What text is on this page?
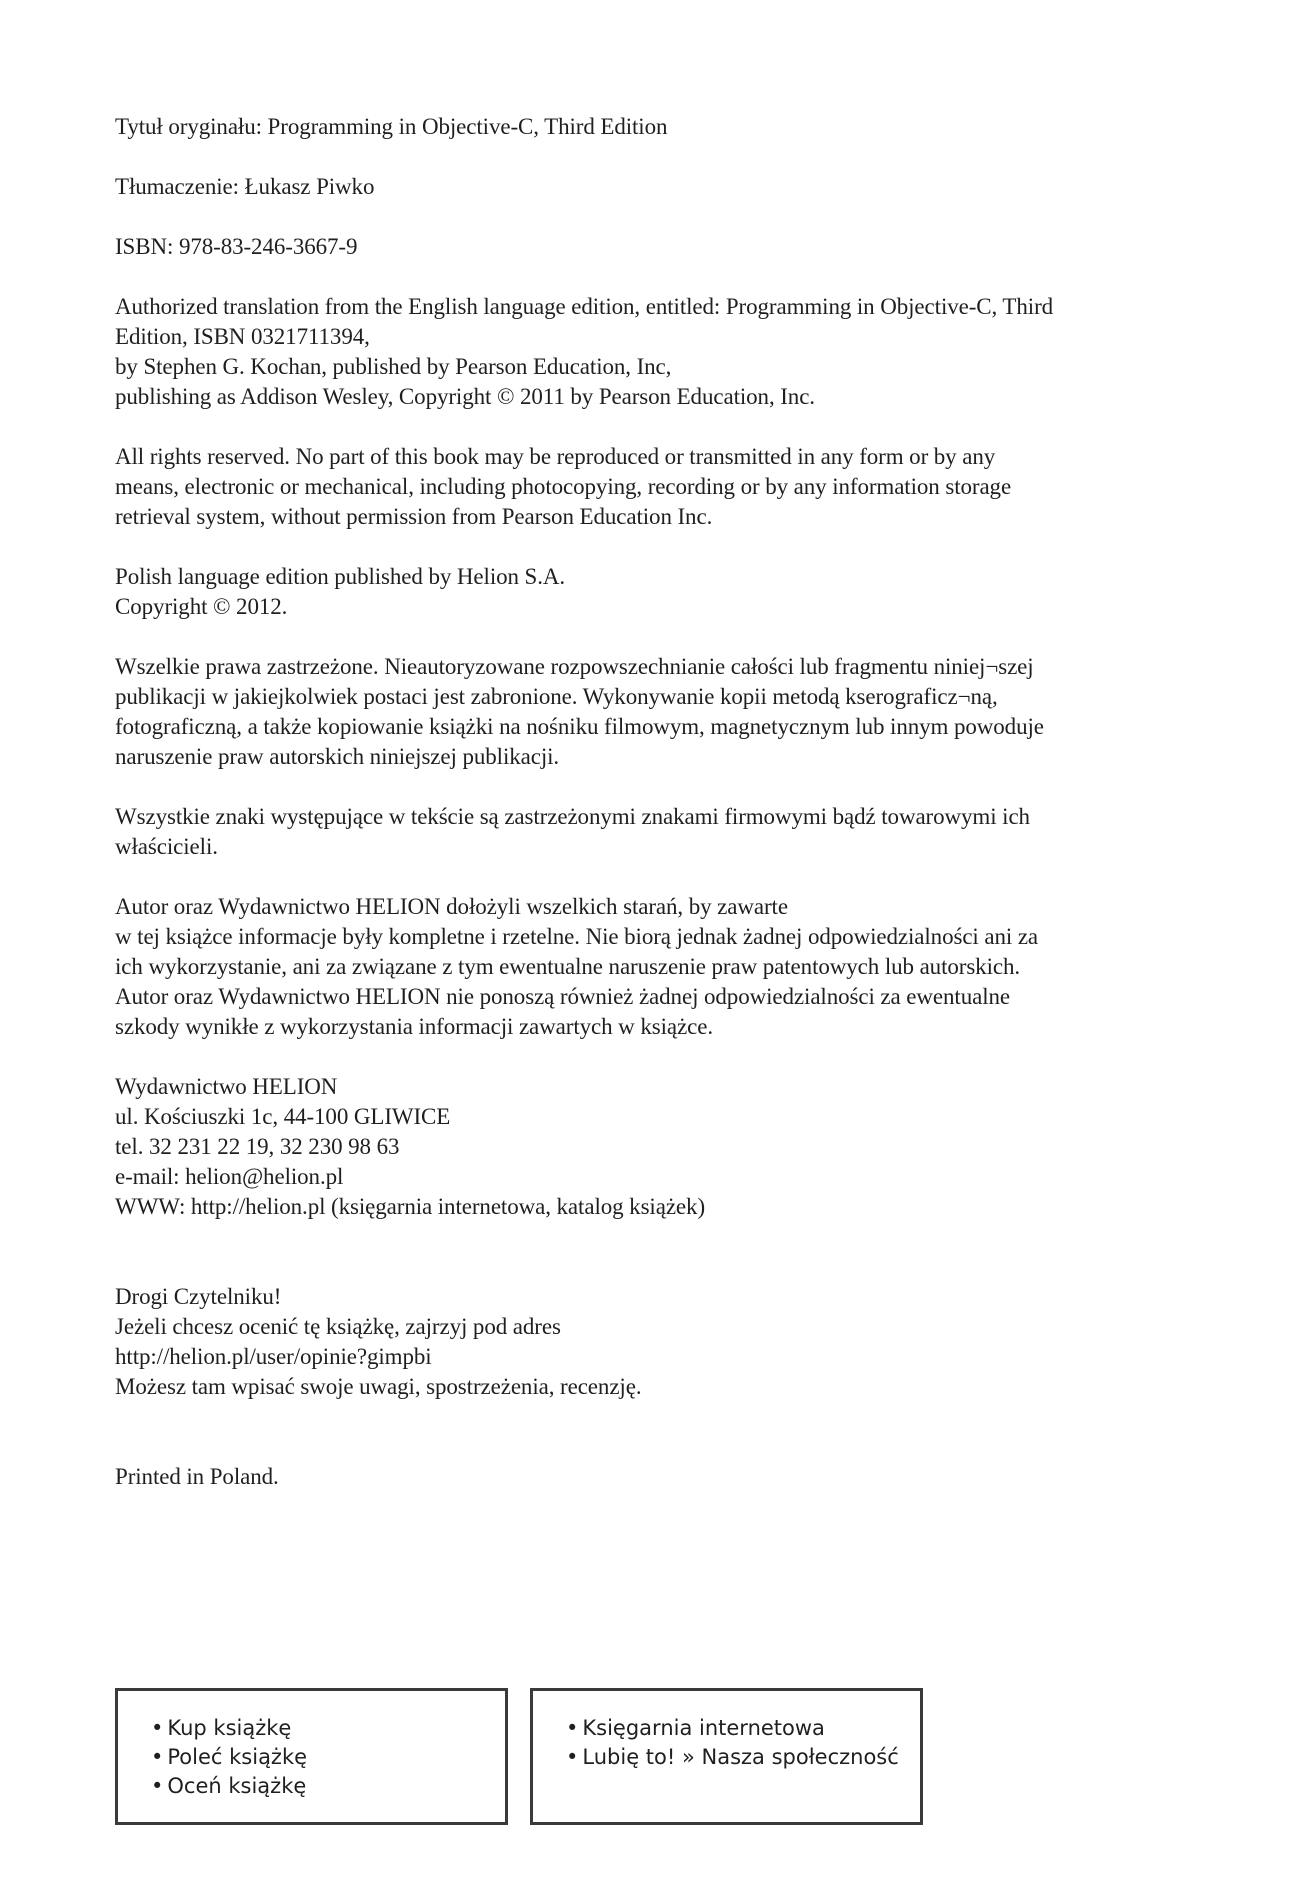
Tytuł oryginału: Programming in Objective-C, Third Edition

Tłumaczenie: Łukasz Piwko

ISBN: 978-83-246-3667-9

Authorized translation from the English language edition, entitled: Programming in Objective-C, Third
Edition, ISBN 0321711394,
by Stephen G. Kochan, published by Pearson Education, Inc,
publishing as Addison Wesley, Copyright © 2011 by Pearson Education, Inc.

All rights reserved. No part of this book may be reproduced or transmitted in any form or by any
means, electronic or mechanical, including photocopying, recording or by any information storage
retrieval system, without permission from Pearson Education Inc.

Polish language edition published by Helion S.A.
Copyright © 2012.

Wszelkie prawa zastrzeżone. Nieautoryzowane rozpowszechnianie całości lub fragmentu niniej¬szej
publikacji w jakiejkolwiek postaci jest zabronione. Wykonywanie kopii metodą kserograficz¬ną,
fotograficzną, a także kopiowanie książki na nośniku filmowym, magnetycznym lub innym powoduje
naruszenie praw autorskich niniejszej publikacji.

Wszystkie znaki występujące w tekście są zastrzeżonymi znakami firmowymi bądź towarowymi ich
właścicieli.

Autor oraz Wydawnictwo HELION dołożyli wszelkich starań, by zawarte
w tej książce informacje były kompletne i rzetelne. Nie biorą jednak żadnej odpowiedzialności ani za
ich wykorzystanie, ani za związane z tym ewentualne naruszenie praw patentowych lub autorskich.
Autor oraz Wydawnictwo HELION nie ponoszą również żadnej odpowiedzialności za ewentualne
szkody wynikłe z wykorzystania informacji zawartych w książce.

Wydawnictwo HELION
ul. Kościuszki 1c, 44-100 GLIWICE
tel. 32 231 22 19, 32 230 98 63
e-mail: helion@helion.pl
WWW: http://helion.pl (księgarnia internetowa, katalog książek)

Drogi Czytelniku!
Jeżeli chcesz ocenić tę książkę, zajrzyj pod adres
http://helion.pl/user/opinie?gimpbi
Możesz tam wpisać swoje uwagi, spostrzeżenia, recenzję.

Printed in Poland.

• Kup książkę
• Poleć książkę
• Oceń książkę
• Księgarnia internetowa
• Lubię to! » Nasza społeczność
